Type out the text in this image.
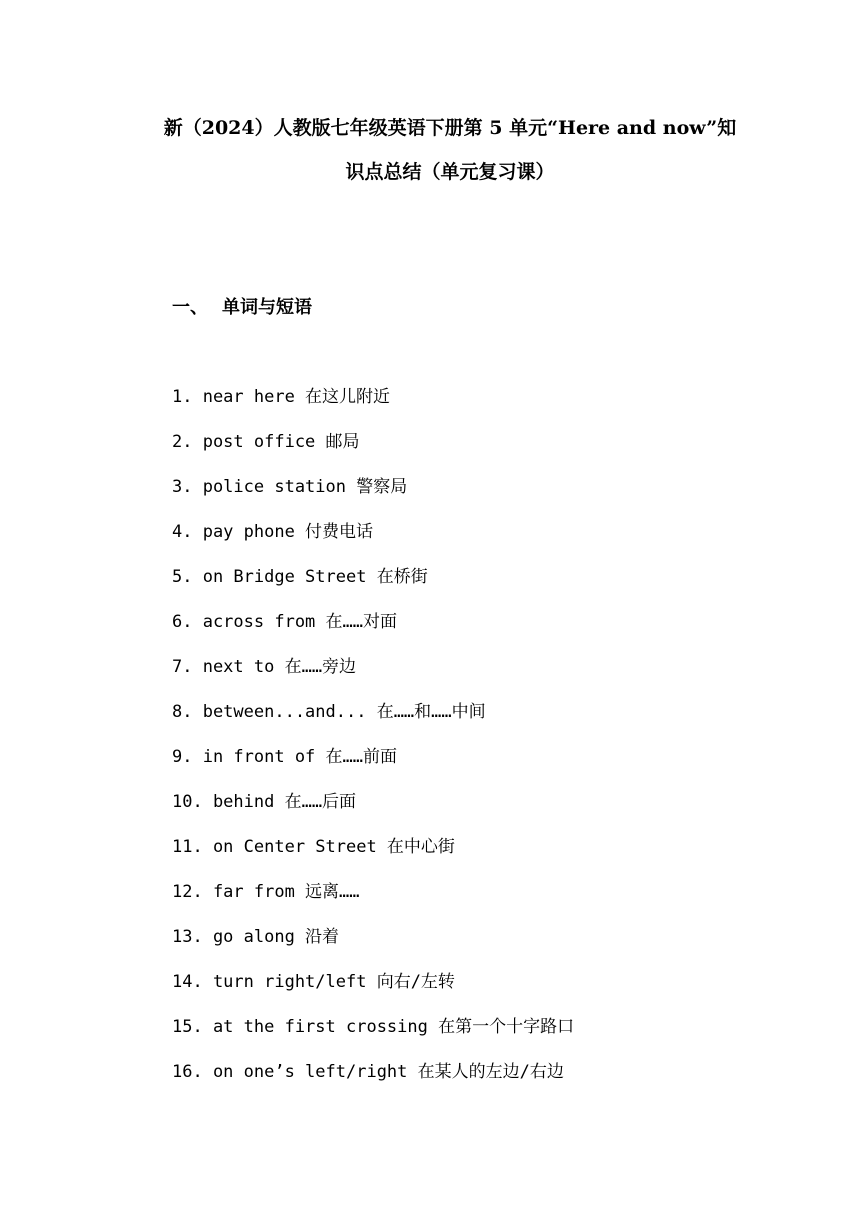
新（2024）人教版七年级英语下册第 5 单元“Here and now”知
识点总结（单元复习课）
一、 单词与短语
1. near here 在这儿附近
2. post office 邮局
3. police station 警察局
4. pay phone 付费电话
5. on Bridge Street 在桥街
6. across from 在……对面
7. next to 在……旁边
8. between...and... 在……和……中间
9. in front of 在……前面
10. behind 在……后面
11. on Center Street 在中心街
12. far from 远离……
13. go along 沿着
14. turn right/left 向右/左转
15. at the first crossing 在第一个十字路口
16. on one’s left/right 在某人的左边/右边
